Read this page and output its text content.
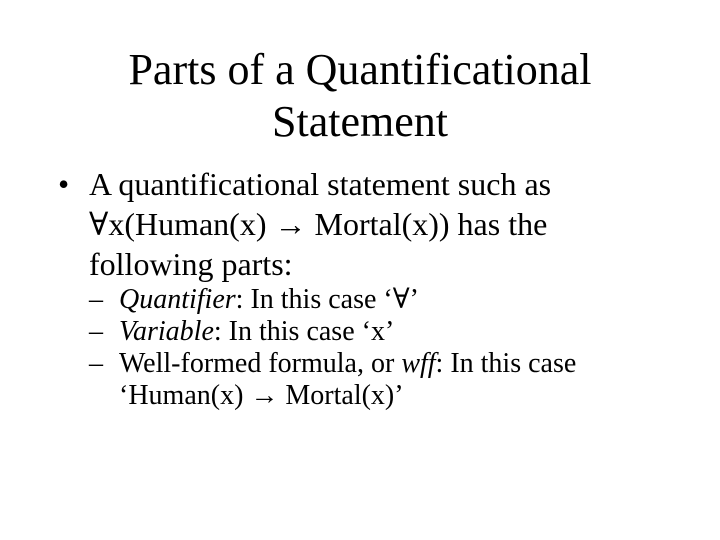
Parts of a Quantificational
Statement
• A quantificational statement such as
∀x(Human(x) → Mortal(x)) has the
following parts:
– Quantifier: In this case ‘∀’
– Variable: In this case ‘x’
– Well-formed formula, or wff: In this case
‘Human(x) → Mortal(x)’
